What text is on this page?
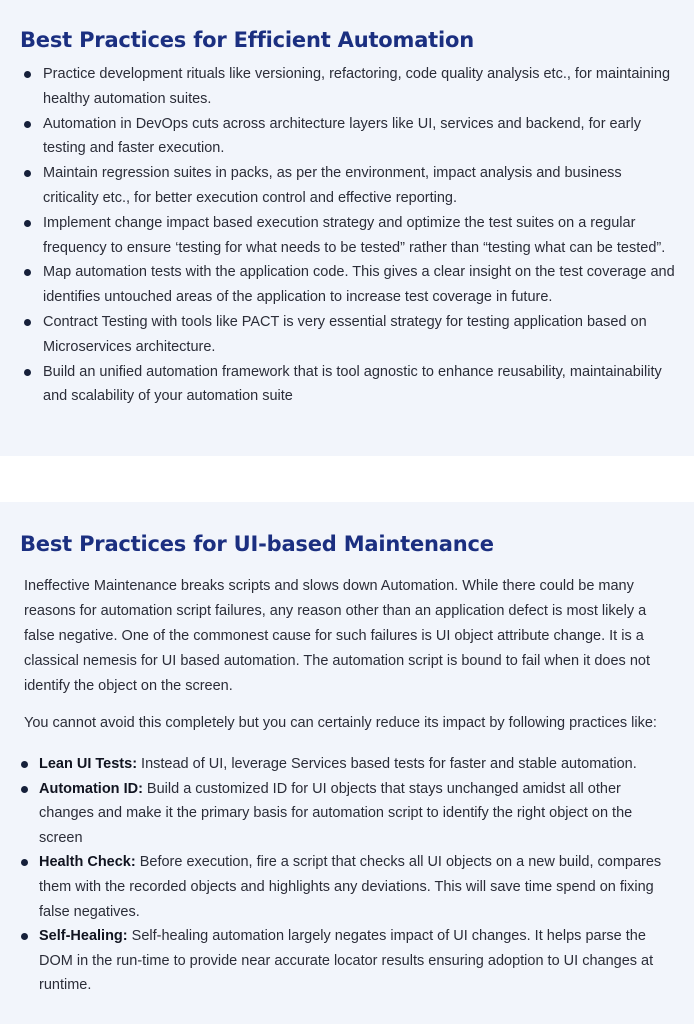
Best Practices for Efficient Automation
Practice development rituals like versioning, refactoring, code quality analysis etc., for maintaining healthy automation suites.
Automation in DevOps cuts across architecture layers like UI, services and backend, for early testing and faster execution.
Maintain regression suites in packs, as per the environment, impact analysis and business criticality etc., for better execution control and effective reporting.
Implement change impact based execution strategy and optimize the test suites on a regular frequency to ensure ‘testing for what needs to be tested” rather than “testing what can be tested”.
Map automation tests with the application code. This gives a clear insight on the test coverage and identifies untouched areas of the application to increase test coverage in future.
Contract Testing with tools like PACT is very essential strategy for testing application based on Microservices architecture.
Build an unified automation framework that is tool agnostic to enhance reusability, maintainability and scalability of your automation suite
Best Practices for UI-based Maintenance

Ineffective Maintenance breaks scripts and slows down Automation. While there could be many reasons for automation script failures, any reason other than an application defect is most likely a false negative. One of the commonest cause for such failures is UI object attribute change. It is a classical nemesis for UI based automation. The automation script is bound to fail when it does not identify the object on the screen.

You cannot avoid this completely but you can certainly reduce its impact by following practices like:

Lean UI Tests: Instead of UI, leverage Services based tests for faster and stable automation.
Automation ID: Build a customized ID for UI objects that stays unchanged amidst all other changes and make it the primary basis for automation script to identify the right object on the screen
Health Check: Before execution, fire a script that checks all UI objects on a new build, compares them with the recorded objects and highlights any deviations. This will save time spend on fixing false negatives.
Self-Healing: Self-healing automation largely negates impact of UI changes. It helps parse the DOM in the run-time to provide near accurate locator results ensuring adoption to UI changes at runtime.
